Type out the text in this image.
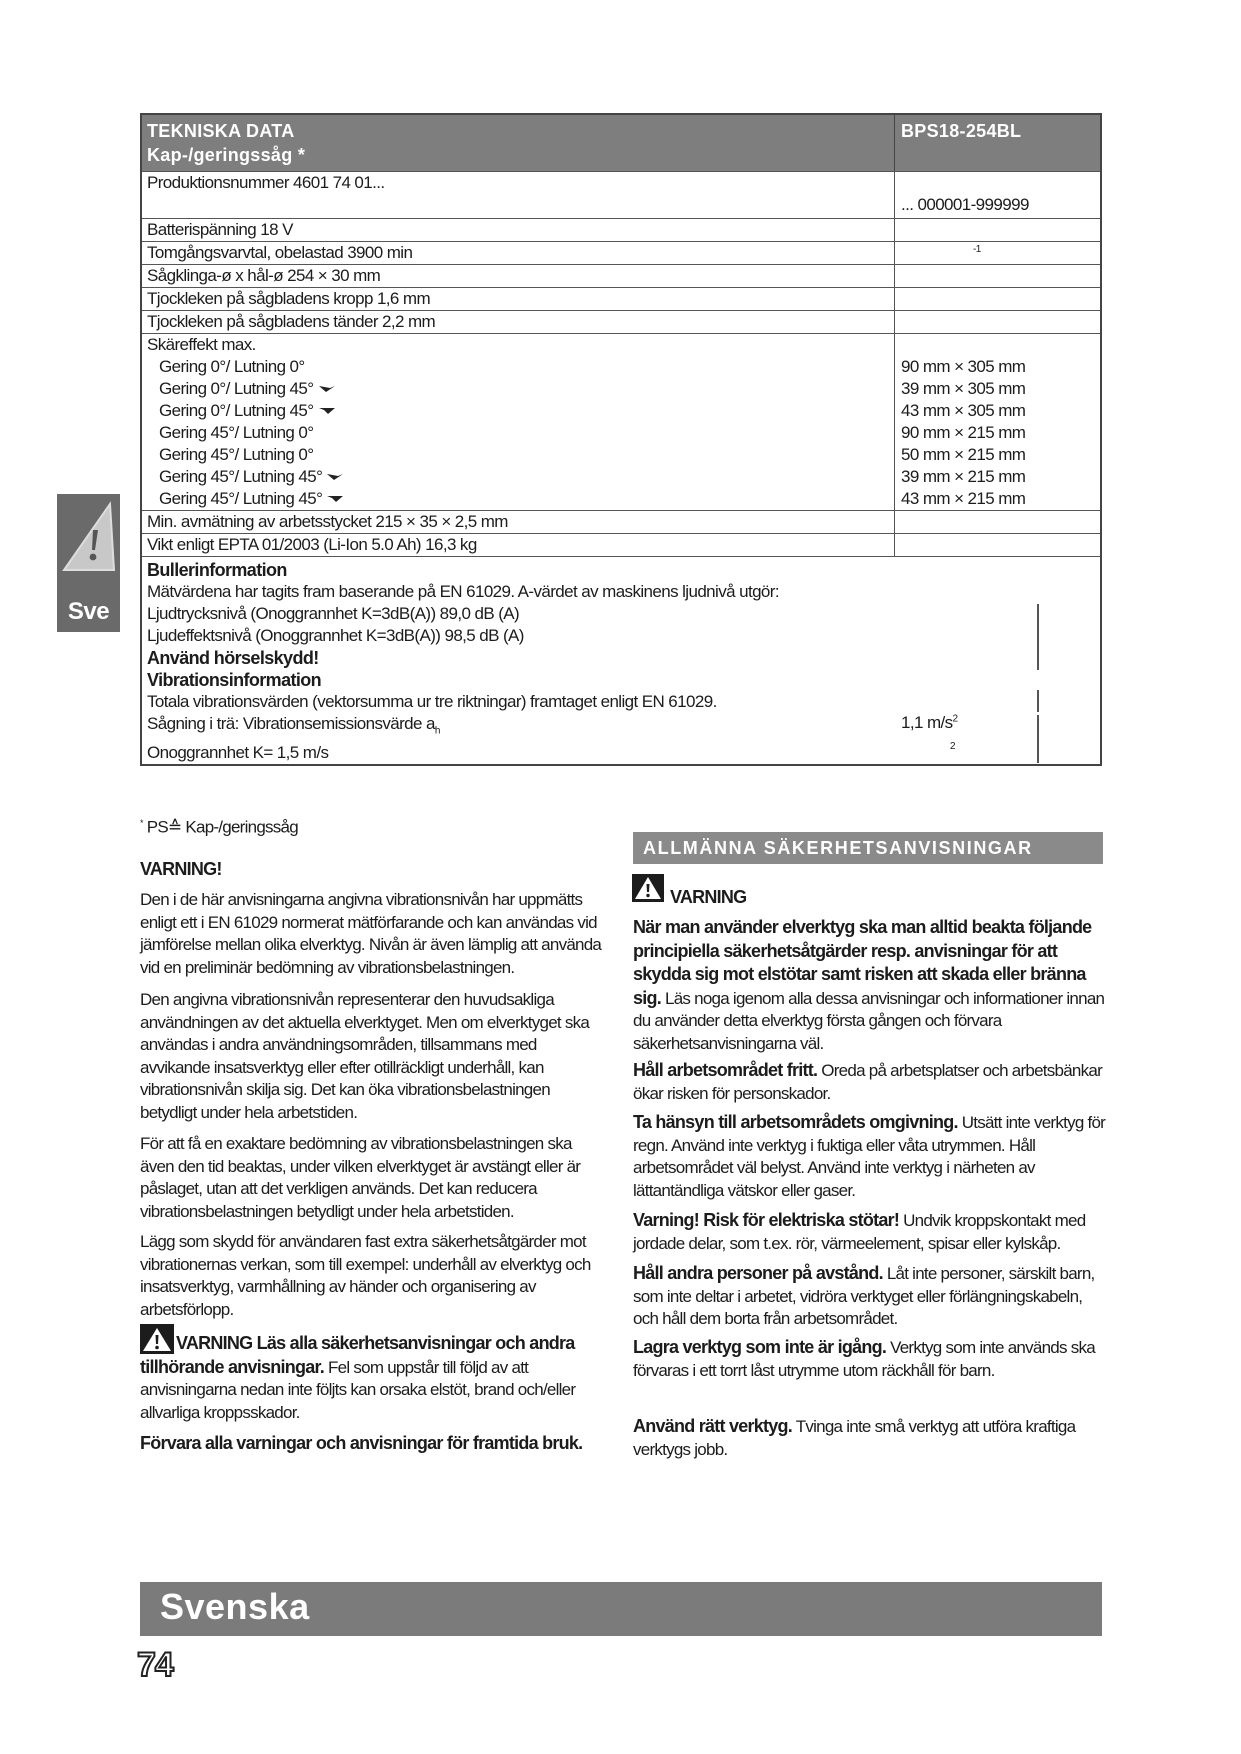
TEKNISKA DATA
Kap-/geringssåg *
BPS18-254BL
Produktionsnummer 4601 74 01...
... 000001-999999
Batterispänning 18 V
Tomgångsvarvtal, obelastad 3900 min	-1
Sågklinga-ø x hål-ø 254 × 30 mm
Tjockleken på sågbladens kropp 1,6 mm
Tjockleken på sågbladens tänder 2,2 mm
Skäreffekt max.
Gering 0°/ Lutning 0°
Gering 0°/ Lutning 45°
Gering 0°/ Lutning 45°
Gering 45°/ Lutning 0°
Gering 45°/ Lutning 0°
Gering 45°/ Lutning 45°
Gering 45°/ Lutning 45°
90 mm × 305 mm
39 mm × 305 mm
43 mm × 305 mm
90 mm × 215 mm
50 mm × 215 mm
39 mm × 215 mm
43 mm × 215 mm
Min. avmätning av arbetsstycket 215 × 35 × 2,5 mm
Vikt enligt EPTA 01/2003 (Li-Ion 5.0 Ah) 16,3 kg
Bullerinformation
Mätvärdena har tagits fram baserande på EN 61029. A-värdet av maskinens ljudnivå utgör:
Ljudtrycksnivå (Onoggrannhet K=3dB(A)) 89,0 dB (A)
Ljudeffektsnivå (Onoggrannhet K=3dB(A)) 98,5 dB (A)
Använd hörselskydd!
Vibrationsinformation
Totala vibrationsvärden (vektorsumma ur tre riktningar) framtaget enligt EN 61029.
Sågning i trä: Vibrationsemissionsvärde $a_h$
Onoggrannhet K= 1,5 m/s
1,1 $m/s^2$
2
Sve
* PS≙ Kap-/geringssåg
VARNING!

Den i de här anvisningarna angivna vibrationsnivån har uppmätts enligt ett i EN 61029 normerat mätförfarande och kan användas vid jämförelse mellan olika elverktyg. Nivån är även lämplig att använda vid en preliminär bedömning av vibrationsbelastningen.

Den angivna vibrationsnivån representerar den huvudsakliga användningen av det aktuella elverktyget. Men om elverktyget ska användas i andra användningsområden, tillsammans med avvikande insatsverktyg eller efter otillräckligt underhåll, kan vibrationsnivån skilja sig. Det kan öka vibrationsbelastningen betydligt under hela arbetstiden.

För att få en exaktare bedömning av vibrationsbelastningen ska även den tid beaktas, under vilken elverktyget är avstängt eller är påslaget, utan att det verkligen används. Det kan reducera vibrationsbelastningen betydligt under hela arbetstiden.

Lägg som skydd för användaren fast extra säkerhetsåtgärder mot vibrationernas verkan, som till exempel: underhåll av elverktyg och insatsverktyg, varmhållning av händer och organisering av arbetsförlopp.

VARNING Läs alla säkerhetsanvisningar och andra tillhörande anvisningar. Fel som uppstår till följd av att anvisningarna nedan inte följts kan orsaka elstöt, brand och/eller allvarliga kroppsskador.

Förvara alla varningar och anvisningar för framtida bruk.

ALLMÄNNA SÄKERHETSANVISNINGAR
VARNING

När man använder elverktyg ska man alltid beakta följande principiella säkerhetsåtgärder resp. anvisningar för att skydda sig mot elstötar samt risken att skada eller bränna sig. Läs noga igenom alla dessa anvisningar och informationer innan du använder detta elverktyg första gången och förvara säkerhetsanvisningarna väl.

Håll arbetsområdet fritt. Oreda på arbetsplatser och arbetsbänkar ökar risken för personskador.

Ta hänsyn till arbetsområdets omgivning. Utsätt inte verktyg för regn. Använd inte verktyg i fuktiga eller våta utrymmen. Håll arbetsområdet väl belyst. Använd inte verktyg i närheten av lättantändliga vätskor eller gaser.

Varning! Risk för elektriska stötar! Undvik kroppskontakt med jordade delar, som t.ex. rör, värmeelement, spisar eller kylskåp.

Håll andra personer på avstånd. Låt inte personer, särskilt barn, som inte deltar i arbetet, vidröra verktyget eller förlängningskabeln, och håll dem borta från arbetsområdet.

Lagra verktyg som inte är igång. Verktyg som inte används ska förvaras i ett torrt låst utrymme utom räckhåll för barn.

Använd rätt verktyg. Tvinga inte små verktyg att utföra kraftiga verktygs jobb.

Svenska
74
